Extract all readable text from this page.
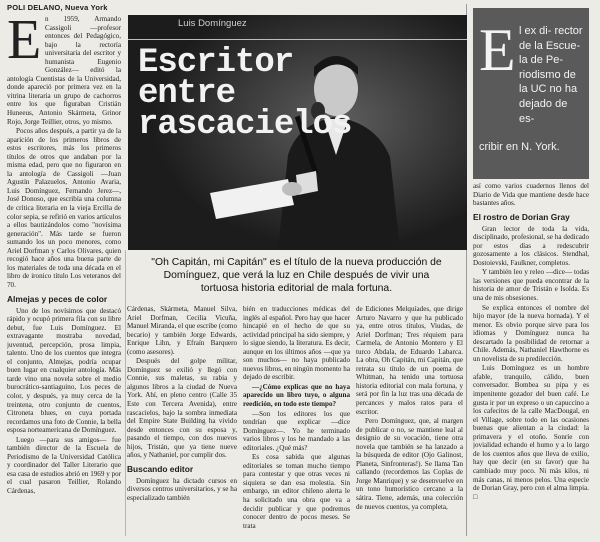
POLI DELANO, Nueva York
E n 1959, Armando Cassigoli —profesor entonces del Pedagógico, bajo la rectoría universitaria del escritor y humanista Eugenio González— editó la antología Cuentistas de la Universidad, donde apareció por primera vez en la vitrina literaria un grupo de cachorros entre los que figuraban Cristián Huneeus, Antonio Skármeta, Grinor Rojo, Jorge Teillier, otros, yo mismo.

Pocos años después, a partir ya de la aparición de los primeros libros de estos escritores, más los primeros títulos de otros que andaban por la misma edad, pero que no figuraron en la antología de Cassigoli —Juan Agustín Palazuelos, Antonio Avaria, Luis Domínguez, Fernando Jerez—, José Donoso, que escribía una columna de crítica literaria en la vieja Ercilla de color sepia, se refirió en varios artículos a ellos bautizándolos como "novísima generación". Más tarde se fueron sumando los un poco menores, como Ariel Dorfman y Carlos Olivares, quien recogió hace años una buena parte de los materiales de toda una década en el libro de ironico título Los veteranos del 70.

Almejas y peces de color

Uno de los novísimos que destacó rápido y ocupó primera fila con su libre debut, fue Luis Domínguez. El extravagante mostraba novedad, juventud, percepción, prosa limpia, talento. Uno de los cuentos que integra el conjunto, Almejas, podría ocupar buen lugar en cualquier antología. Más tarde vino una novela sobre el medio burocrático-santiaguino, Los peces de color, y después, ya muy cerca de la treintena, otro conjunto de cuentos, Citroneta blues, en cuya portada recordamos una foto de Connie, la bella esposa norteamericana de Domínguez.

Luego —para sus amigos— fue también director de la Escuela de Periodismo de la Universidad Católica y coordinador del Taller Literario que esa casa de estudios abrió en 1969 y por el cual pasaron Teillier, Rolando Cárdenas,

Luis Domínguez
Escritor
entre
rascacielos
"Oh Capitán, mi Capitán" es el título de la nueva producción de Domínguez, que verá la luz en Chile después de vivir una tortuosa historia editorial de mala fortuna.

Cárdenas, Skármeta, Manuel Silva, Ariel Dorfman, Cecilia Vicuña, Manuel Miranda, el que escribe (como becario) y también Jorge Edwards, Enrique Lihn, y Efraín Barquero (como asesores).

Después del golpe militar, Domínguez se exilió y llegó con Connie, sus maletas, su rabia y algunos libros a la ciudad de Nueva York. Ahí, en pleno centro (Calle 35 Este con Tercera Avenida), entre rascacielos, bajo la sombra inmediata del Empire State Building ha vivido desde entonces con su esposa y, pasando el tiempo, con dos nuevos hijos, Tristán, que ya tiene nueve años, y Nathaniel, por cumplir dos.

Buscando editor

Domínguez ha dictado cursos en diversos centros universitarios, y se ha especializado también

bién en traducciones médicas del inglés al español. Pero hay que hacer hincapié en el hecho de que su actividad principal ha sido siempre, y lo sigue siendo, la literatura. Es decir, aunque en los últimos años —que ya son muchos— no haya publicado nuevos libros, en ningún momento ha dejado de escribir.

—¿Cómo explicas que no haya aparecido un libro tuyo, o alguna reedición, en todo este tiempo?

—Son los editores los que tendrían que explicar —dice Domínguez—. Yo he terminado varios libros y los he mandado a las editoriales. ¿Qué más?

Es cosa sabida que algunas editoriales se toman mucho tiempo para contestar y que otras veces ni siquiera se dan esa molestia. Sin embargo, un editor chileno alerta le ha solicitado una obra que va a decidir publicar y que podremos conocer dentro de pocos meses. Se trata

de Ediciones Melquíades, que dirige Arturo Navarro y que ha publicado ya, entre otros títulos, Viudas, de Ariel Dorfman; Tres réquiem para Carmela, de Antonio Montero y El turco Abdala, de Eduardo Labarca. La obra, Oh Capitán, mi Capitán, que retrata su título de un poema de Whitman, ha tenido una tortuosa historia editorial con mala fortuna, y será por fin la luz tras una década de percances y malos ratos para el escritor.

Pero Domínguez, que, al margen de publicar o no, se mantiene leal al designio de su vocación, tiene otra novela que también se ha lanzado a la búsqueda de editor (Ojo Galinost, Planeta, Sinfronteras!). Se llama Tan callando (recordemos las Coplas de Jorge Manrique) y se desenvuelve en un tono humorístico cercano a la sátira. Tiene, además, una colección de nuevos cuentos, ya completa,

E l ex di- rector de la Escue- la de Pe- riodismo de la UC no ha dejado de es-
cribir en N. York.

así como varios cuadernos llenos del Diario de Vida que mantiene desde hace bastantes años.

El rostro de Dorian Gray

Gran lector de toda la vida, disciplinado, profesional, se ha dedicado por estos días a redescubrir gozosamente a los clásicos. Stendhal, Dostoievski, Faulkner, completos.

Y también leo y releo —dice— todas las versiones que pueda encontrar de la historia de amor de Tristán e Isolda. Es una de mis obsesiones.

Se explica entonces el nombre del hijo mayor (de la nueva hornada). Y el menor. Es obvio porque sirve para los idiomas y Domínguez nunca ha descartado la posibilidad de retornar a Chile. Además, Nathaniel Hawthorne es un novelista de su predilección.

Luis Domínguez es un hombre afable, tranquilo, cálido, buen conversador. Bombea su pipa y es impenitente gozador del buen café. Le gusta ir por un expreso o un capuccino a los cafecitos de la calle MacDougal, en el Village, sobre todo en las ocasiones buenas que alientan a la ciudad: la primavera y el otoño. Sonríe con jovialidad echando el humo y a lo largo de los cuentos años que lleva de exilio, hay que decir (en su favor) que ha cambiado muy poco. Ni más kilos, ni más canas, ni menos pelos. Una especie de Dorian Gray, pero con el alma limpia. □
